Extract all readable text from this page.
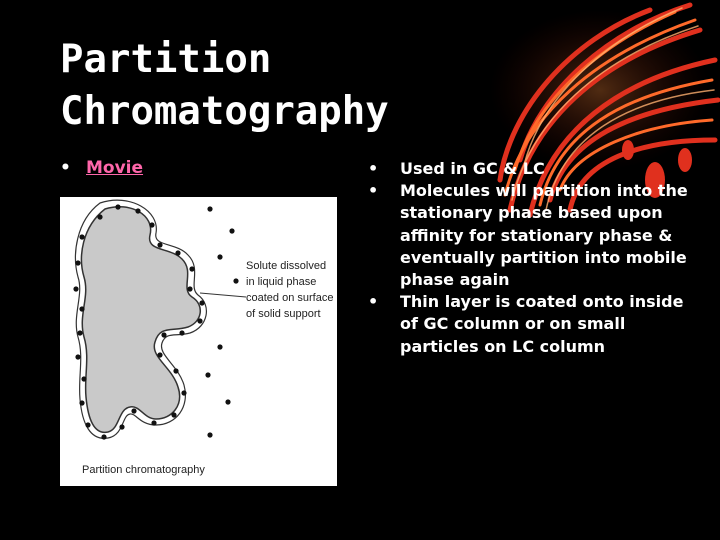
Partition
Chromatography
• Movie
Solute dissolved in liquid phase coated on surface of solid support
Partition chromatography
•	Used in GC & LC
•	Molecules will partition into the stationary phase based upon affinity for stationary phase & eventually partition into mobile phase again
•	Thin layer is coated onto inside of GC column or on small particles on LC column
